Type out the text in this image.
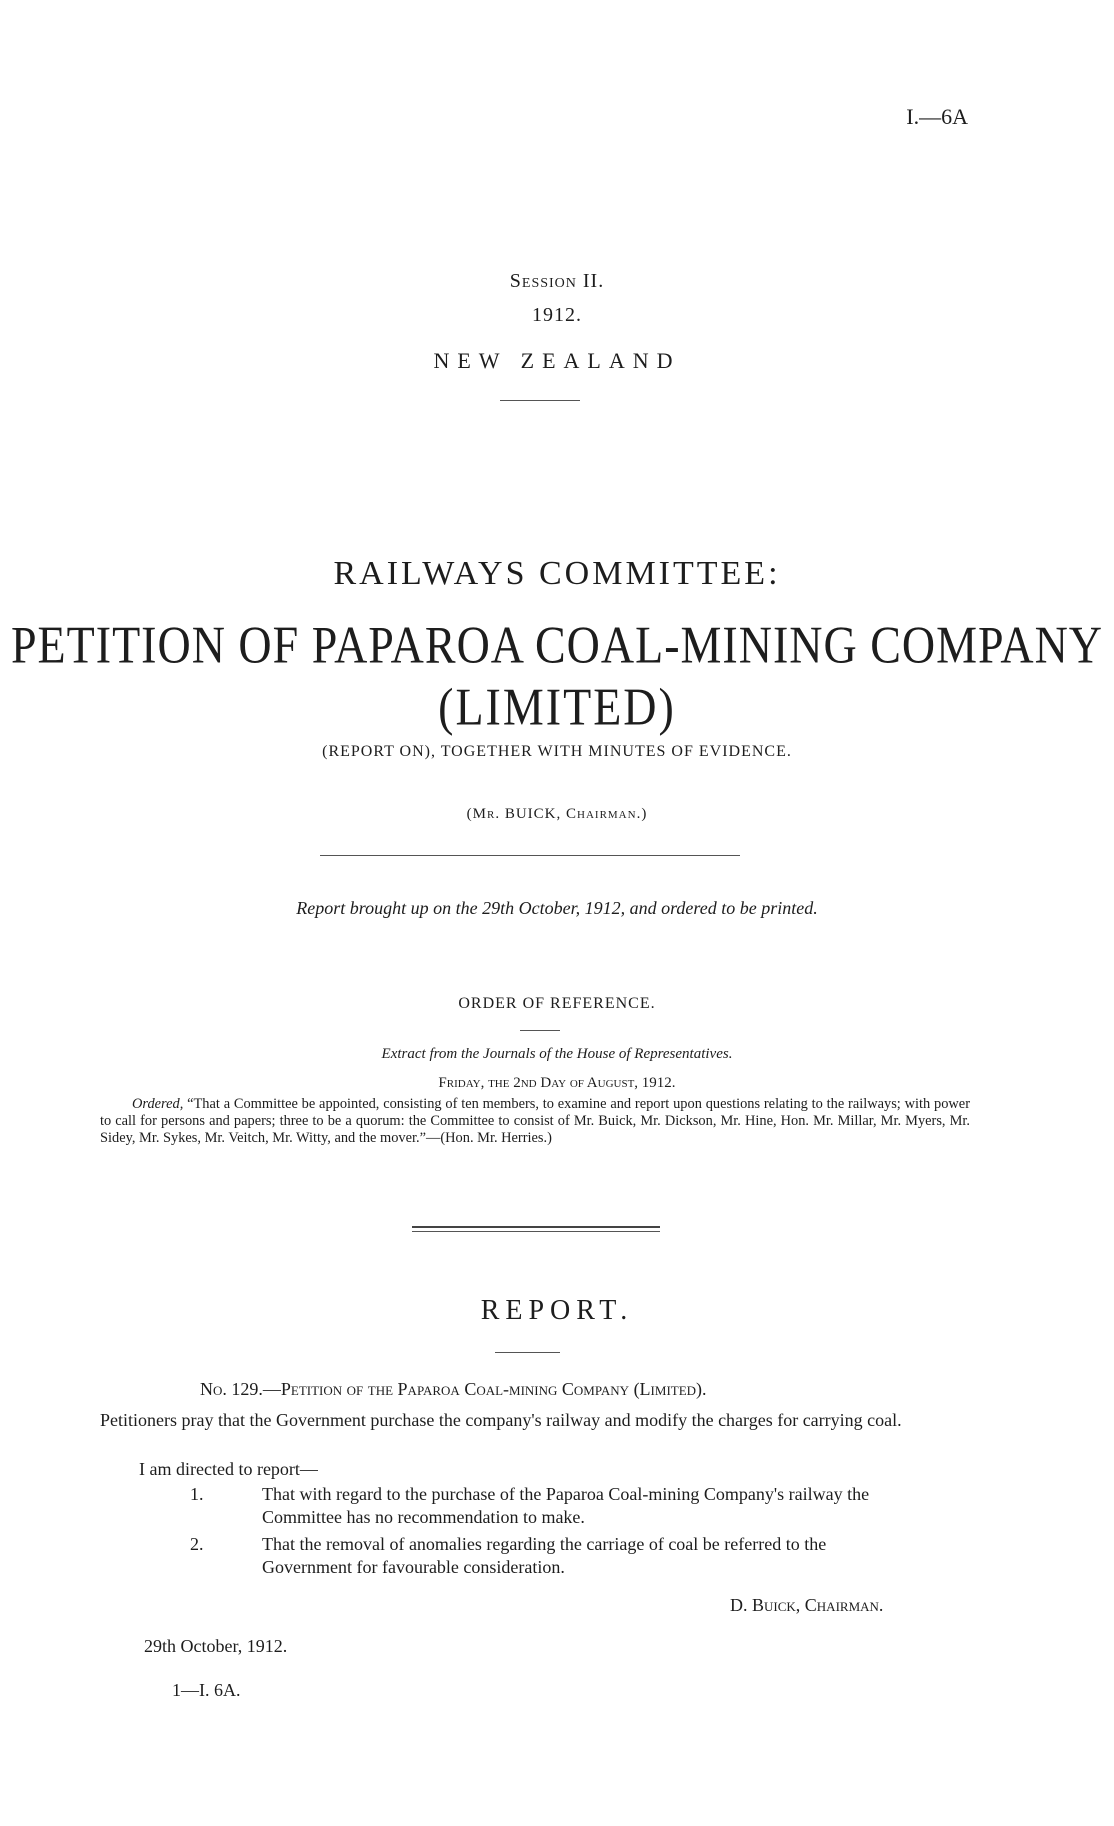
I.—6A
Session II.
1912.
NEW ZEALAND
RAILWAYS COMMITTEE:
PETITION OF PAPAROA COAL-MINING COMPANY
(LIMITED)
(REPORT ON), TOGETHER WITH MINUTES OF EVIDENCE.
(Mr. BUICK, Chairman.)
Report brought up on the 29th October, 1912, and ordered to be printed.
ORDER OF REFERENCE.
Extract from the Journals of the House of Representatives.
Friday, the 2nd Day of August, 1912.

Ordered, “That a Committee be appointed, consisting of ten members, to examine and report upon questions relating to the railways; with power to call for persons and papers; three to be a quorum: the Committee to consist of Mr. Buick, Mr. Dickson, Mr. Hine, Hon. Mr. Millar, Mr. Myers, Mr. Sidey, Mr. Sykes, Mr. Veitch, Mr. Witty, and the mover.”—(Hon. Mr. Herries.)

REPORT.
No. 129.—Petition of the Paparoa Coal-mining Company (Limited).

Petitioners pray that the Government purchase the company's railway and modify the charges for carrying coal.

I am directed to report—

1.	That with regard to the purchase of the Paparoa Coal-mining Company's railway the
Committee has no recommendation to make.
2.	That the removal of anomalies regarding the carriage of coal be referred to the
Government for favourable consideration.
D. Buick, Chairman.
29th October, 1912.
1—I. 6A.
